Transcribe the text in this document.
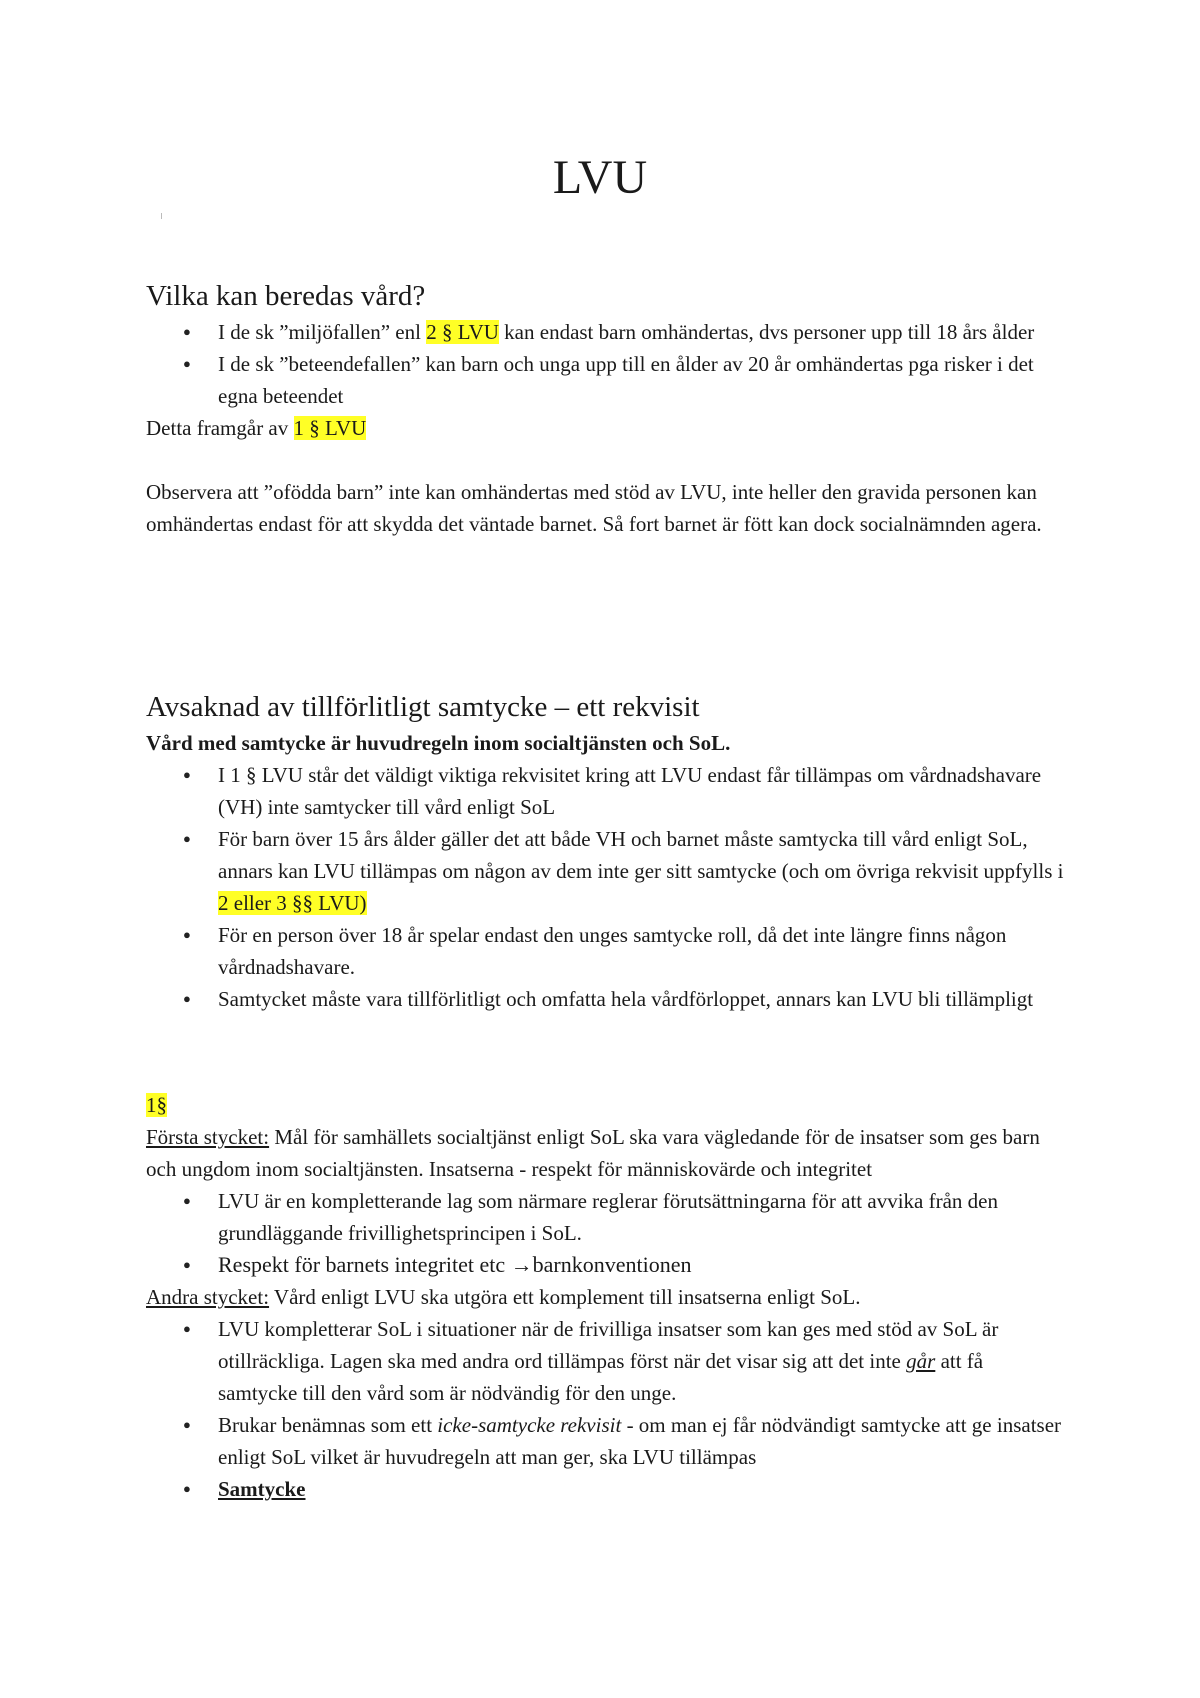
LVU
Vilka kan beredas vård?
● I de sk ”miljöfallen” enl 2 § LVU kan endast barn omhändertas, dvs personer upp till 18 års ålder
● I de sk ”beteendefallen” kan barn och unga upp till en ålder av 20 år omhändertas pga risker i det egna beteendet

Detta framgår av 1 § LVU

Observera att ”ofödda barn” inte kan omhändertas med stöd av LVU, inte heller den gravida personen kan omhändertas endast för att skydda det väntade barnet. Så fort barnet är fött kan dock socialnämnden agera.

Avsaknad av tillförlitligt samtycke – ett rekvisit

Vård med samtycke är huvudregeln inom socialtjänsten och SoL.

● I 1 § LVU står det väldigt viktiga rekvisitet kring att LVU endast får tillämpas om vårdnadshavare (VH) inte samtycker till vård enligt SoL
● För barn över 15 års ålder gäller det att både VH och barnet måste samtycka till vård enligt SoL, annars kan LVU tillämpas om någon av dem inte ger sitt samtycke (och om övriga rekvisit uppfylls i 2 eller 3 §§ LVU)
● För en person över 18 år spelar endast den unges samtycke roll, då det inte längre finns någon vårdnadshavare.
● Samtycket måste vara tillförlitligt och omfatta hela vårdförloppet, annars kan LVU bli tillämpligt

1§

Första stycket: Mål för samhällets socialtjänst enligt SoL ska vara vägledande för de insatser som ges barn och ungdom inom socialtjänsten. Insatserna - respekt för människovärde och integritet

● LVU är en kompletterande lag som närmare reglerar förutsättningarna för att avvika från den grundläggande frivillighetsprincipen i SoL.
● Respekt för barnets integritet etc →barnkonventionen

Andra stycket: Vård enligt LVU ska utgöra ett komplement till insatserna enligt SoL.

● LVU kompletterar SoL i situationer när de frivilliga insatser som kan ges med stöd av SoL är otillräckliga. Lagen ska med andra ord tillämpas först när det visar sig att det inte går att få samtycke till den vård som är nödvändig för den unge.
● Brukar benämnas som ett icke-samtycke rekvisit - om man ej får nödvändigt samtycke att ge insatser enligt SoL vilket är huvudregeln att man ger, ska LVU tillämpas
● Samtycke
